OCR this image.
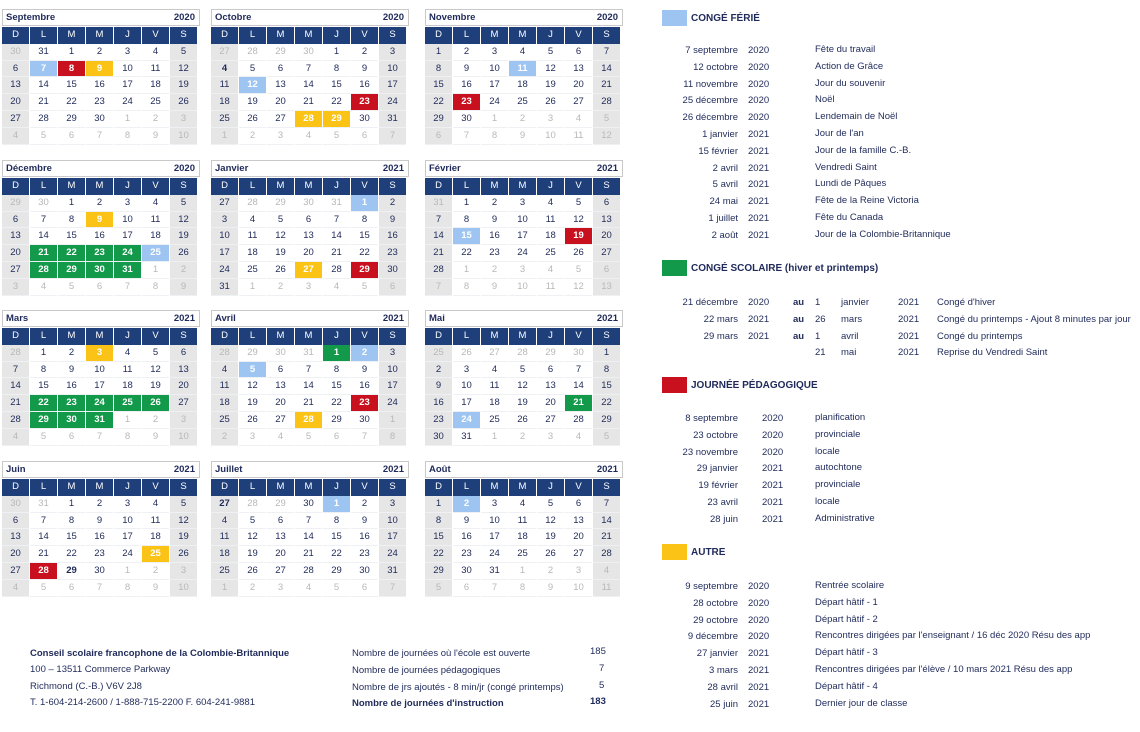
Septembre	2020
D	L	M	M	J	V	S
30	31	1	2	3	4	5
6	7	8	9	10	11	12
13	14	15	16	17	18	19
20	21	22	23	24	25	26
27	28	29	30	1	2	3
4	5	6	7	8	9	10
Octobre	2020
D	L	M	M	J	V	S
27	28	29	30	1	2	3
4	5	6	7	8	9	10
11	12	13	14	15	16	17
18	19	20	21	22	23	24
25	26	27	28	29	30	31
1	2	3	4	5	6	7
Novembre	2020
D	L	M	M	J	V	S
1	2	3	4	5	6	7
8	9	10	11	12	13	14
15	16	17	18	19	20	21
22	23	24	25	26	27	28
29	30	1	2	3	4	5
6	7	8	9	10	11	12
Décembre	2020
D	L	M	M	J	V	S
29	30	1	2	3	4	5
6	7	8	9	10	11	12
13	14	15	16	17	18	19
20	21	22	23	24	25	26
27	28	29	30	31	1	2
3	4	5	6	7	8	9
Janvier	2021
D	L	M	M	J	V	S
27	28	29	30	31	1	2
3	4	5	6	7	8	9
10	11	12	13	14	15	16
17	18	19	20	21	22	23
24	25	26	27	28	29	30
31	1	2	3	4	5	6
Février	2021
D	L	M	M	J	V	S
31	1	2	3	4	5	6
7	8	9	10	11	12	13
14	15	16	17	18	19	20
21	22	23	24	25	26	27
28	1	2	3	4	5	6
7	8	9	10	11	12	13
Mars	2021
D	L	M	M	J	V	S
28	1	2	3	4	5	6
7	8	9	10	11	12	13
14	15	16	17	18	19	20
21	22	23	24	25	26	27
28	29	30	31	1	2	3
4	5	6	7	8	9	10
Avril	2021
D	L	M	M	J	V	S
28	29	30	31	1	2	3
4	5	6	7	8	9	10
11	12	13	14	15	16	17
18	19	20	21	22	23	24
25	26	27	28	29	30	1
2	3	4	5	6	7	8
Mai	2021
D	L	M	M	J	V	S
25	26	27	28	29	30	1
2	3	4	5	6	7	8
9	10	11	12	13	14	15
16	17	18	19	20	21	22
23	24	25	26	27	28	29
30	31	1	2	3	4	5
Juin	2021
D	L	M	M	J	V	S
30	31	1	2	3	4	5
6	7	8	9	10	11	12
13	14	15	16	17	18	19
20	21	22	23	24	25	26
27	28	29	30	1	2	3
4	5	6	7	8	9	10
Juillet	2021
D	L	M	M	J	V	S
27	28	29	30	1	2	3
4	5	6	7	8	9	10
11	12	13	14	15	16	17
18	19	20	21	22	23	24
25	26	27	28	29	30	31
1	2	3	4	5	6	7
Août	2021
D	L	M	M	J	V	S
1	2	3	4	5	6	7
8	9	10	11	12	13	14
15	16	17	18	19	20	21
22	23	24	25	26	27	28
29	30	31	1	2	3	4
5	6	7	8	9	10	11
CONGÉ FÉRIÉ
CONGÉ SCOLAIRE (hiver et printemps)
JOURNÉE PÉDAGOGIQUE
AUTRE
Conseil scolaire francophone de la Colombie-Britannique
100 – 13511 Commerce Parkway
Richmond (C.-B.) V6V 2J8
T. 1-604-214-2600 / 1-888-715-2200 F. 604-241-9881
Nombre de journées où l'école est ouverte	185
Nombre de journées pédagogiques	7
Nombre de jrs ajoutés - 8 min/jr (congé printemps)	5
Nombre de journées d'instruction	183
7 septembre 2020	Fête du travail
12 octobre 2020	Action de Grâce
11 novembre 2020	Jour du souvenir
25 décembre 2020	Noël
26 décembre 2020	Lendemain de Noël
1 janvier 2021	Jour de l'an
15 février 2021	Jour de la famille C.-B.
2 avril 2021	Vendredi Saint
5 avril 2021	Lundi de Pâques
24 mai 2021	Fête de la Reine Victoria
1 juillet 2021	Fête du Canada
2 août 2021	Jour de la Colombie-Britannique
21 décembre 2020	au 1 janvier	2021 Congé d'hiver
22 mars 2021	au 26 mars	2021 Congé du printemps - Ajout 8 minutes par jour
29 mars 2021	au 1 avril	2021 Congé du printemps
21 mai	2021 Reprise du Vendredi Saint
8 septembre	2020	planification
23 octobre	2020	provinciale
23 novembre	2020	locale
29 janvier	2021	autochtone
19 février	2021	provinciale
23 avril	2021	locale
28 juin	2021	Administrative
9 septembre 2020	Rentrée scolaire
28 octobre 2020	Départ hâtif - 1
29 octobre 2020	Départ hâtif - 2
9 décembre 2020	Rencontres dirigées par l'enseignant / 16 déc 2020 Résu des app
27 janvier 2021	Départ hâtif - 3
3 mars 2021	Rencontres dirigées par l'élève / 10 mars 2021 Résu des app
28 avril 2021	Départ hâtif - 4
25 juin 2021	Dernier jour de classe
